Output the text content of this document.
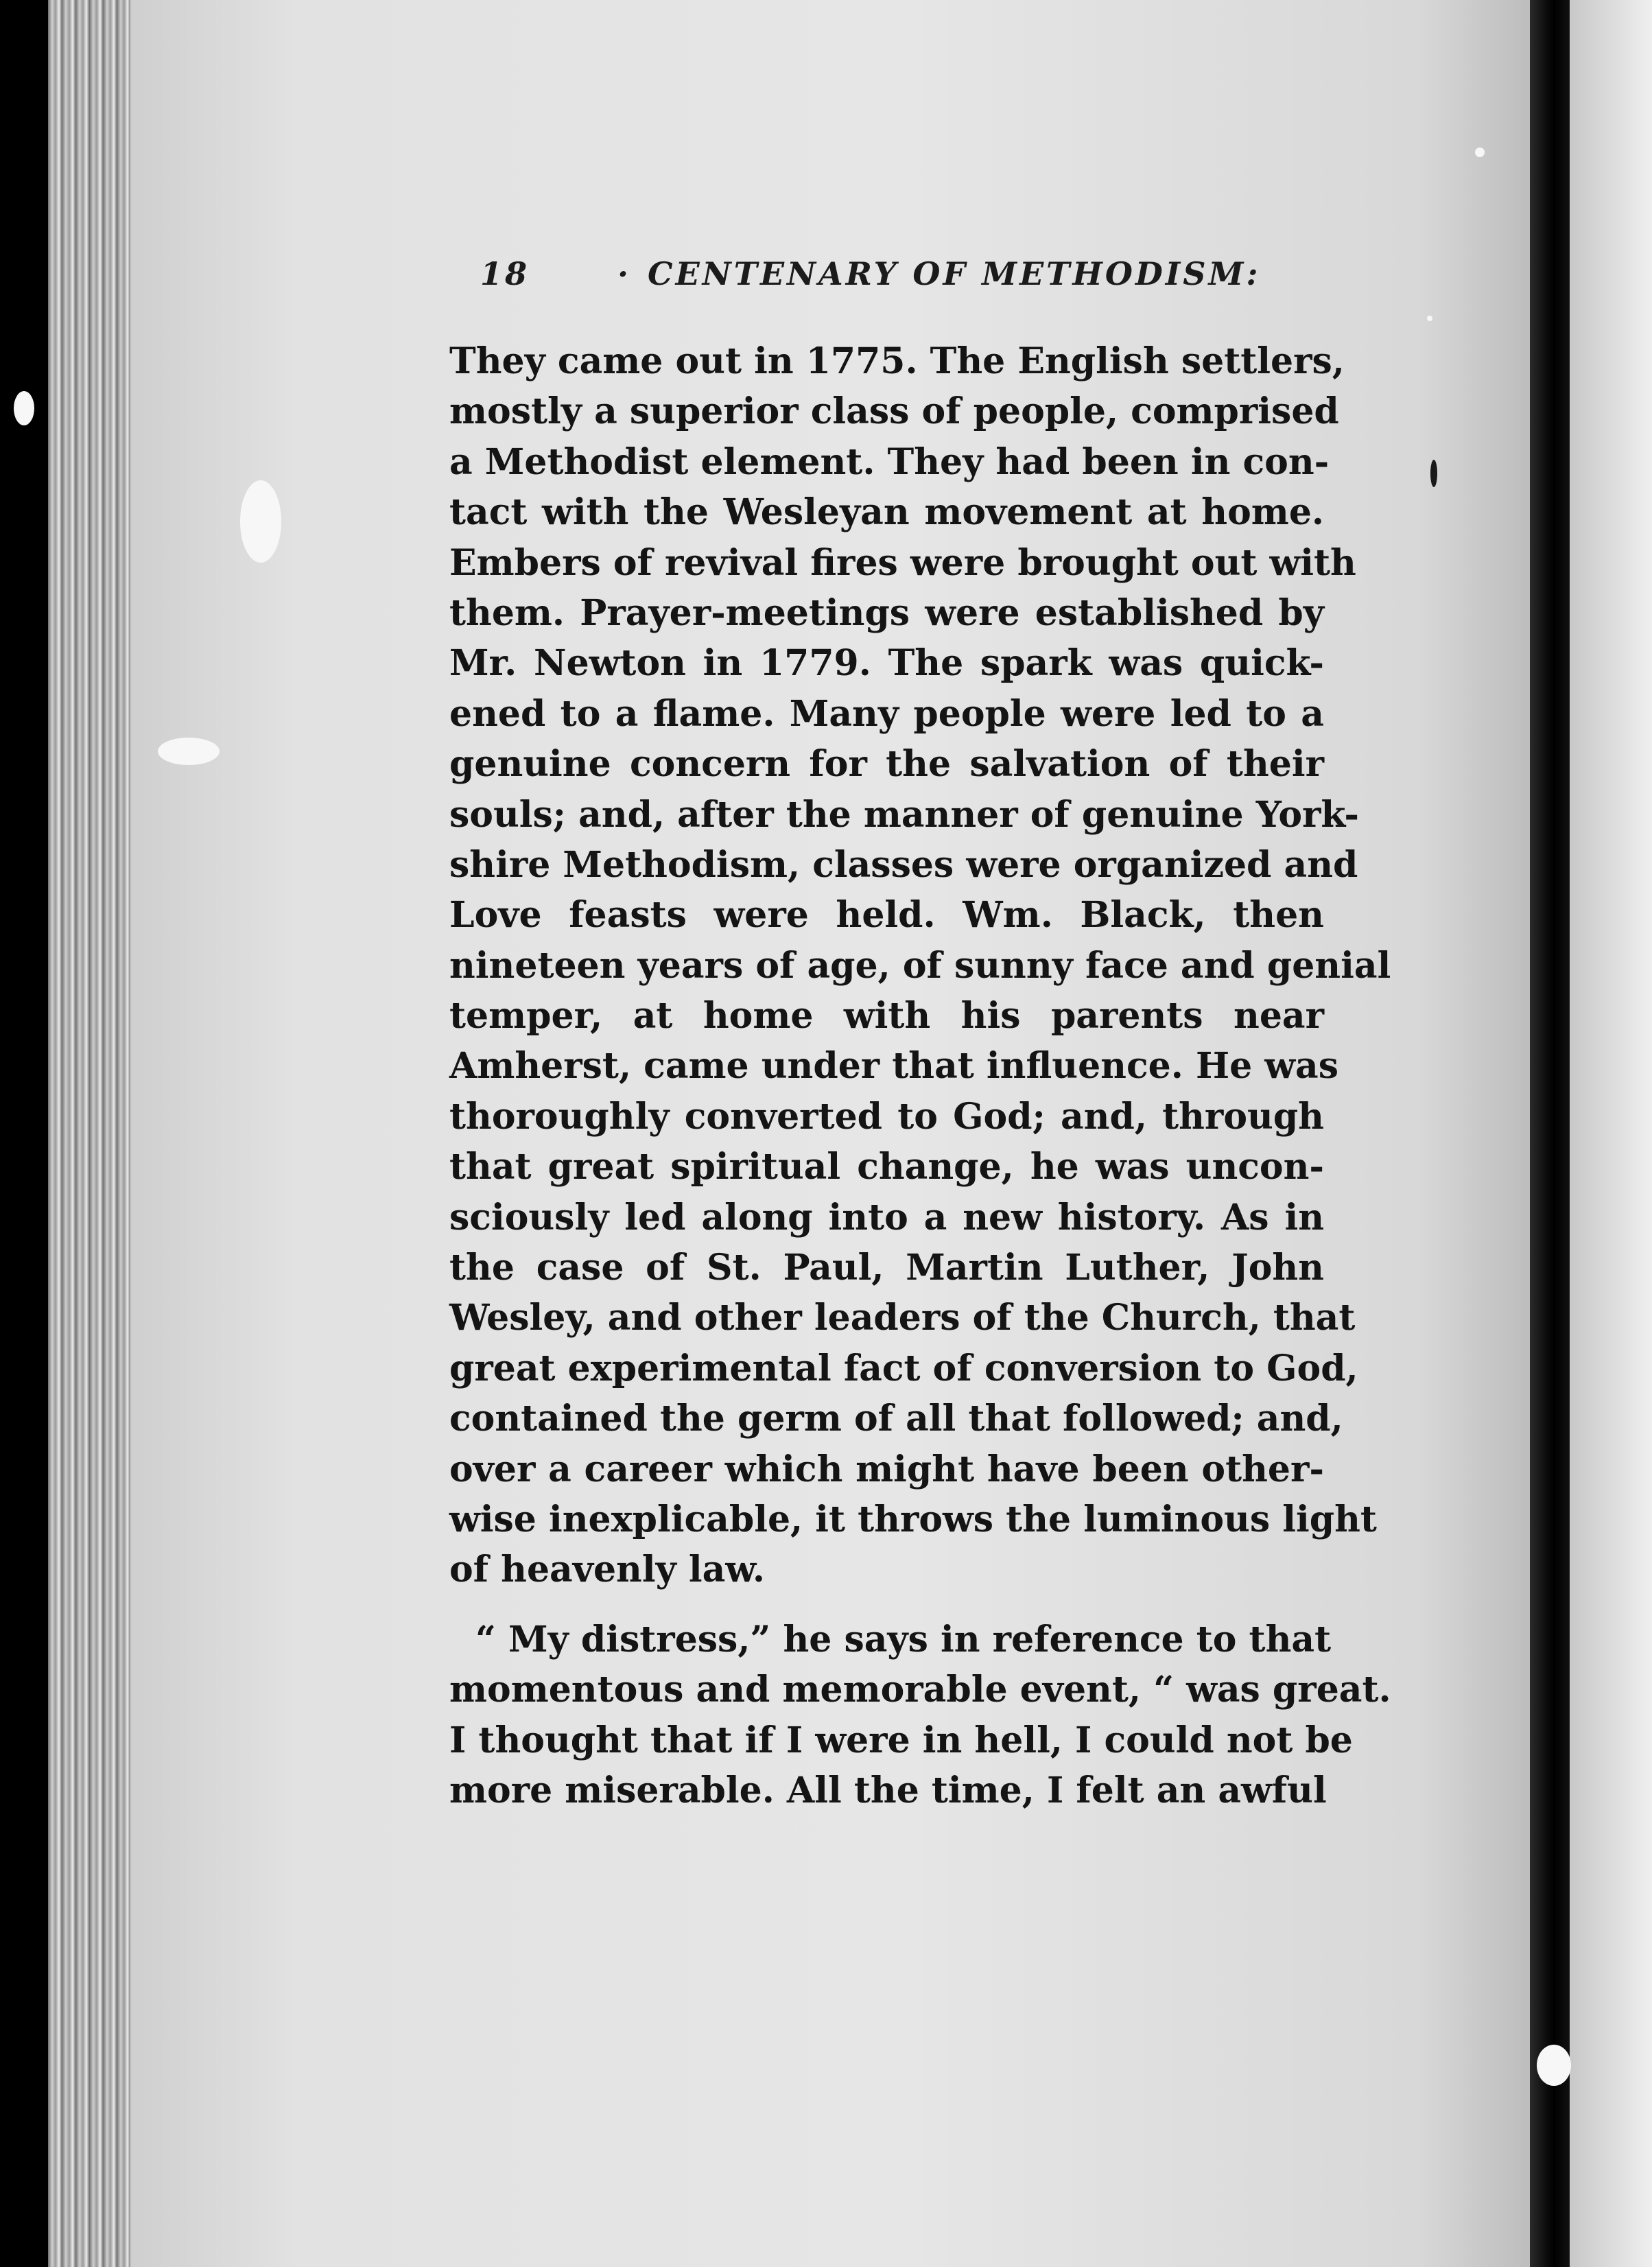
18	· CENTENARY OF METHODISM:
They came out in 1775. The English settlers,
mostly a superior class of people, comprised
a Methodist element. They had been in con-
tact with the Wesleyan movement at home.
Embers of revival fires were brought out with
them. Prayer-meetings were established by
Mr. Newton in 1779. The spark was quick-
ened to a flame. Many people were led to a
genuine concern for the salvation of their
souls; and, after the manner of genuine York-
shire Methodism, classes were organized and
Love feasts were held. Wm. Black, then
nineteen years of age, of sunny face and genial
temper, at home with his parents near
Amherst, came under that influence. He was
thoroughly converted to God; and, through
that great spiritual change, he was uncon-
sciously led along into a new history. As in
the case of St. Paul, Martin Luther, John
Wesley, and other leaders of the Church, that
great experimental fact of conversion to God,
contained the germ of all that followed; and,
over a career which might have been other-
wise inexplicable, it throws the luminous light
of heavenly law.
“ My distress,” he says in reference to that
momentous and memorable event, “ was great.
I thought that if I were in hell, I could not be
more miserable. All the time, I felt an awful
